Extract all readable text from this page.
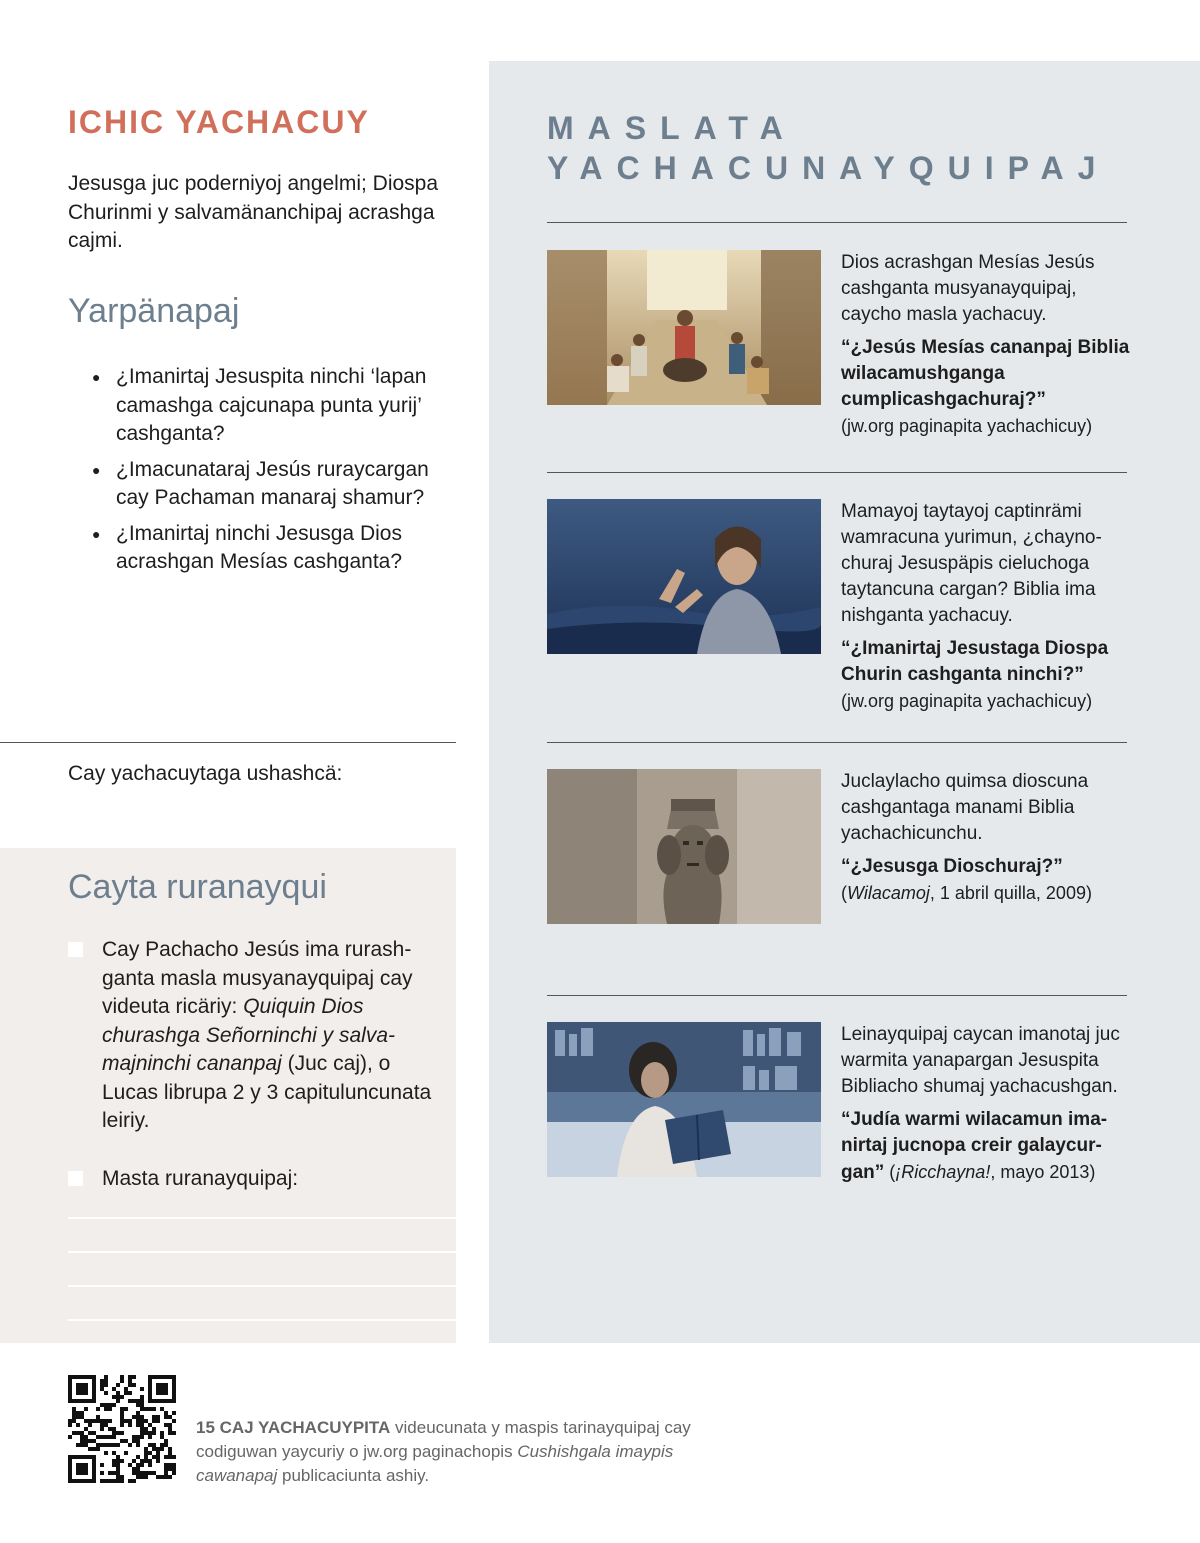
ICHIC YACHACUY

Jesusga juc poderniyoj angelmi; Diospa Churinmi y salvamänanchipaj acrashga cajmi.

Yarpänapaj
● ¿Imanirtaj Jesuspita ninchi ‘lapan camashga cajcunapa punta yurij’ cashganta?
● ¿Imacunataraj Jesús ruraycargan cay Pachaman manaraj shamur?
● ¿Imanirtaj ninchi Jesusga Dios acrashgan Mesías cashganta?

Cay yachacuytaga ushashcä:

Cayta ruranayqui
Cay Pachacho Jesús ima rurashganta masla musyanayquipaj cay videuta ricäriy: Quiquin Dios churashga Señorninchi y salvamajninchi cananpaj (Juc caj), o Lucas librupa 2 y 3 capituluncunata leiriy.
Masta ruranayquipaj:
MASLATA
YACHACUNAYQUIPAJ
Dios acrashgan Mesías Jesús cashganta musyanayquipaj, caycho masla yachacuy.
“¿Jesús Mesías cananpaj Biblia wilacamushganga cumplicashgachuraj?”
(jw.org paginapita yachachicuy)
Mamayoj taytayoj captinrämi wamracuna yurimun, ¿chaynochuraj Jesuspäpis cieluchoga taytancuna cargan? Biblia ima nishganta yachacuy.
“¿Imanirtaj Jesustaga Diospa Churin cashganta ninchi?”
(jw.org paginapita yachachicuy)
Juclaylacho quimsa dioscuna cashgantaga manami Biblia yachachicunchu.
“¿Jesusga Dioschuraj?”
(Wilacamoj, 1 abril quilla, 2009)
Leinayquipaj caycan imanotaj juc warmita yanapargan Jesuspita Bibliacho shumaj yachacushgan.
“Judía warmi wilacamun imanirtaj jucnopa creir galaycurgan” (¡Ricchayna!, mayo 2013)
15 CAJ YACHACUYPITA videucunata y maspis tarinayquipaj cay codiguwan yaycuriy o jw.org paginachopis Cushishgala imaypis cawanapaj publicaciunta ashiy.
